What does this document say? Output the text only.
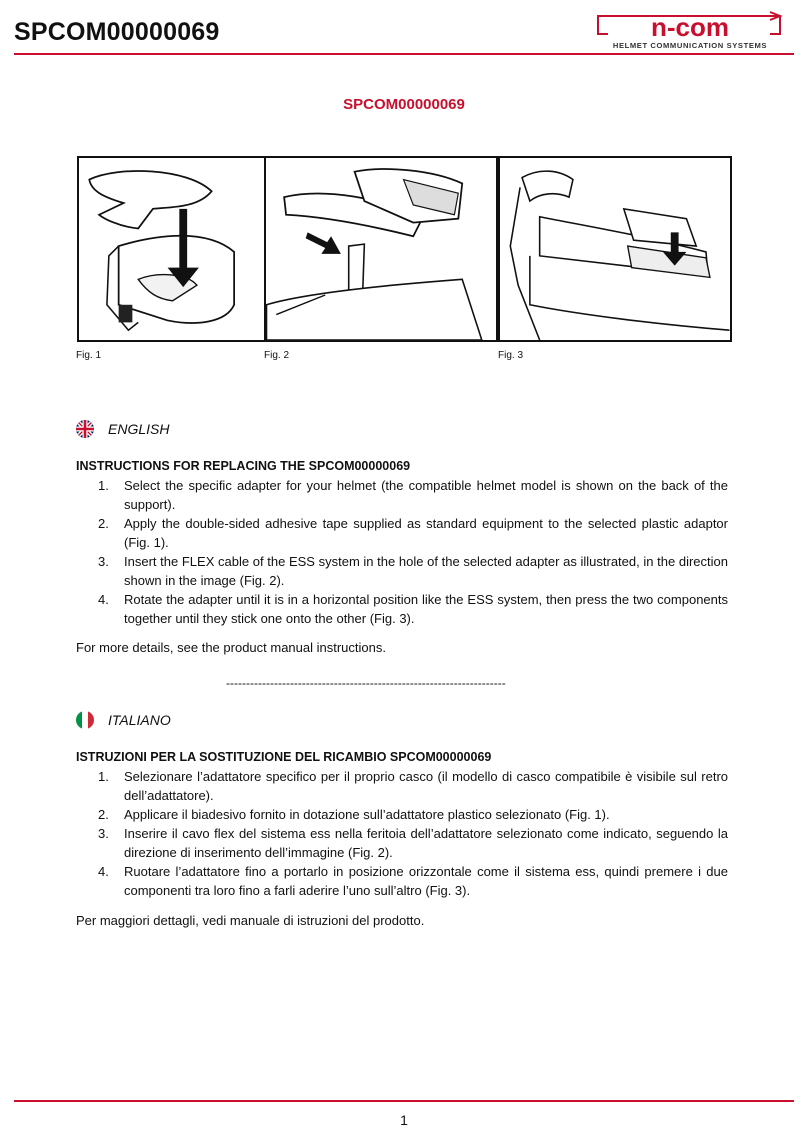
SPCOM00000069	n-com
HELMET COMMUNICATION SYSTEMS
SPCOM00000069
Fig. 1	Fig. 2	Fig. 3
ENGLISH
INSTRUCTIONS FOR REPLACING THE SPCOM00000069
Select the specific adapter for your helmet (the compatible helmet model is shown on the back of the support).
Apply the double-sided adhesive tape supplied as standard equipment to the selected plastic adaptor (Fig. 1).
Insert the FLEX cable of the ESS system in the hole of the selected adapter as illustrated, in the direction shown in the image (Fig. 2).
Rotate the adapter until it is in a horizontal position like the ESS system, then press the two components together until they stick one onto the other (Fig. 3).
For more details, see the product manual instructions.
----------------------------------------------------------------------
ITALIANO
ISTRUZIONI PER LA SOSTITUZIONE DEL RICAMBIO SPCOM00000069
Selezionare l’adattatore specifico per il proprio casco (il modello di casco compatibile è visibile sul retro dell’adattatore).
Applicare il biadesivo fornito in dotazione sull’adattatore plastico selezionato (Fig. 1).
Inserire il cavo flex del sistema ess nella feritoia dell’adattatore selezionato come indicato, seguendo la direzione di inserimento dell’immagine (Fig. 2).
Ruotare l’adattatore fino a portarlo in posizione orizzontale come il sistema ess, quindi premere i due componenti tra loro fino a farli aderire l’uno sull’altro (Fig. 3).
Per maggiori dettagli, vedi manuale di istruzioni del prodotto.
1
